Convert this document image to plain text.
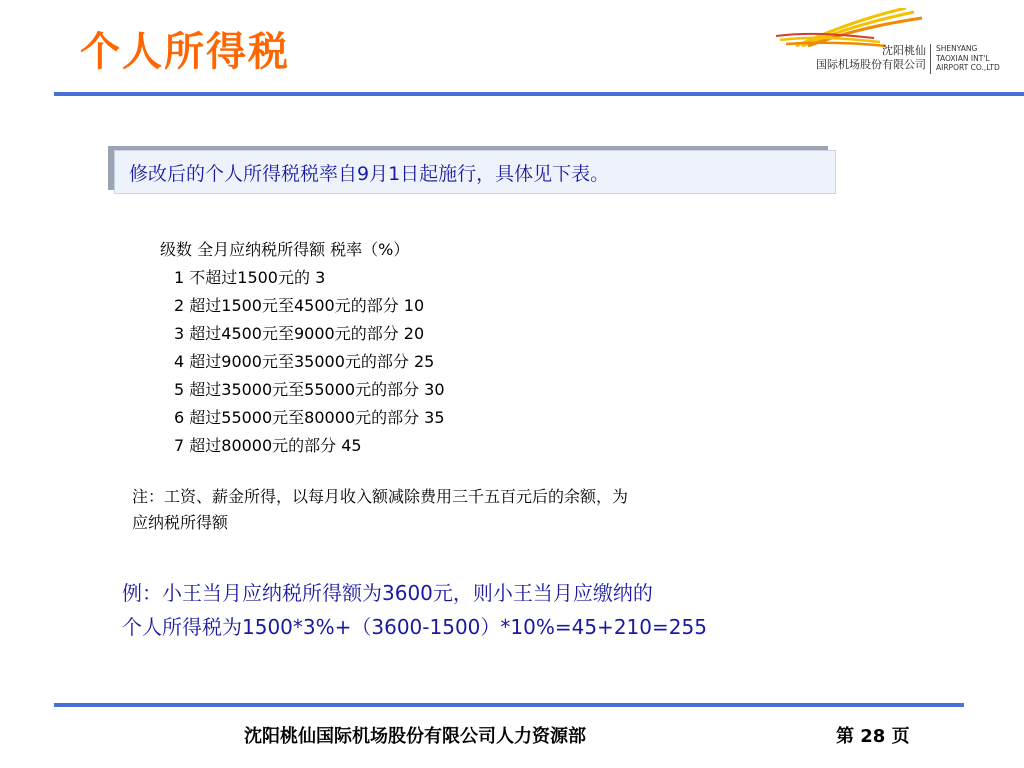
个人所得税	沈阳桃仙
国际机场股份有限公司
SHENYANG
TAOXIAN INT'L
AIRPORT CO.,LTD
修改后的个人所得税税率自9月1日起施行，具体见下表。
级数 全月应纳税所得额 税率（%）
1 不超过1500元的 3
2 超过1500元至4500元的部分 10
3 超过4500元至9000元的部分 20
4 超过9000元至35000元的部分 25
5 超过35000元至55000元的部分 30
6 超过55000元至80000元的部分 35
7 超过80000元的部分 45
注：工资、薪金所得，以每月收入额减除费用三千五百元后的余额，为
应纳税所得额
例：小王当月应纳税所得额为3600元，则小王当月应缴纳的
个人所得税为1500*3%+（3600-1500）*10%=45+210=255
沈阳桃仙国际机场股份有限公司人力资源部	第 28 页
